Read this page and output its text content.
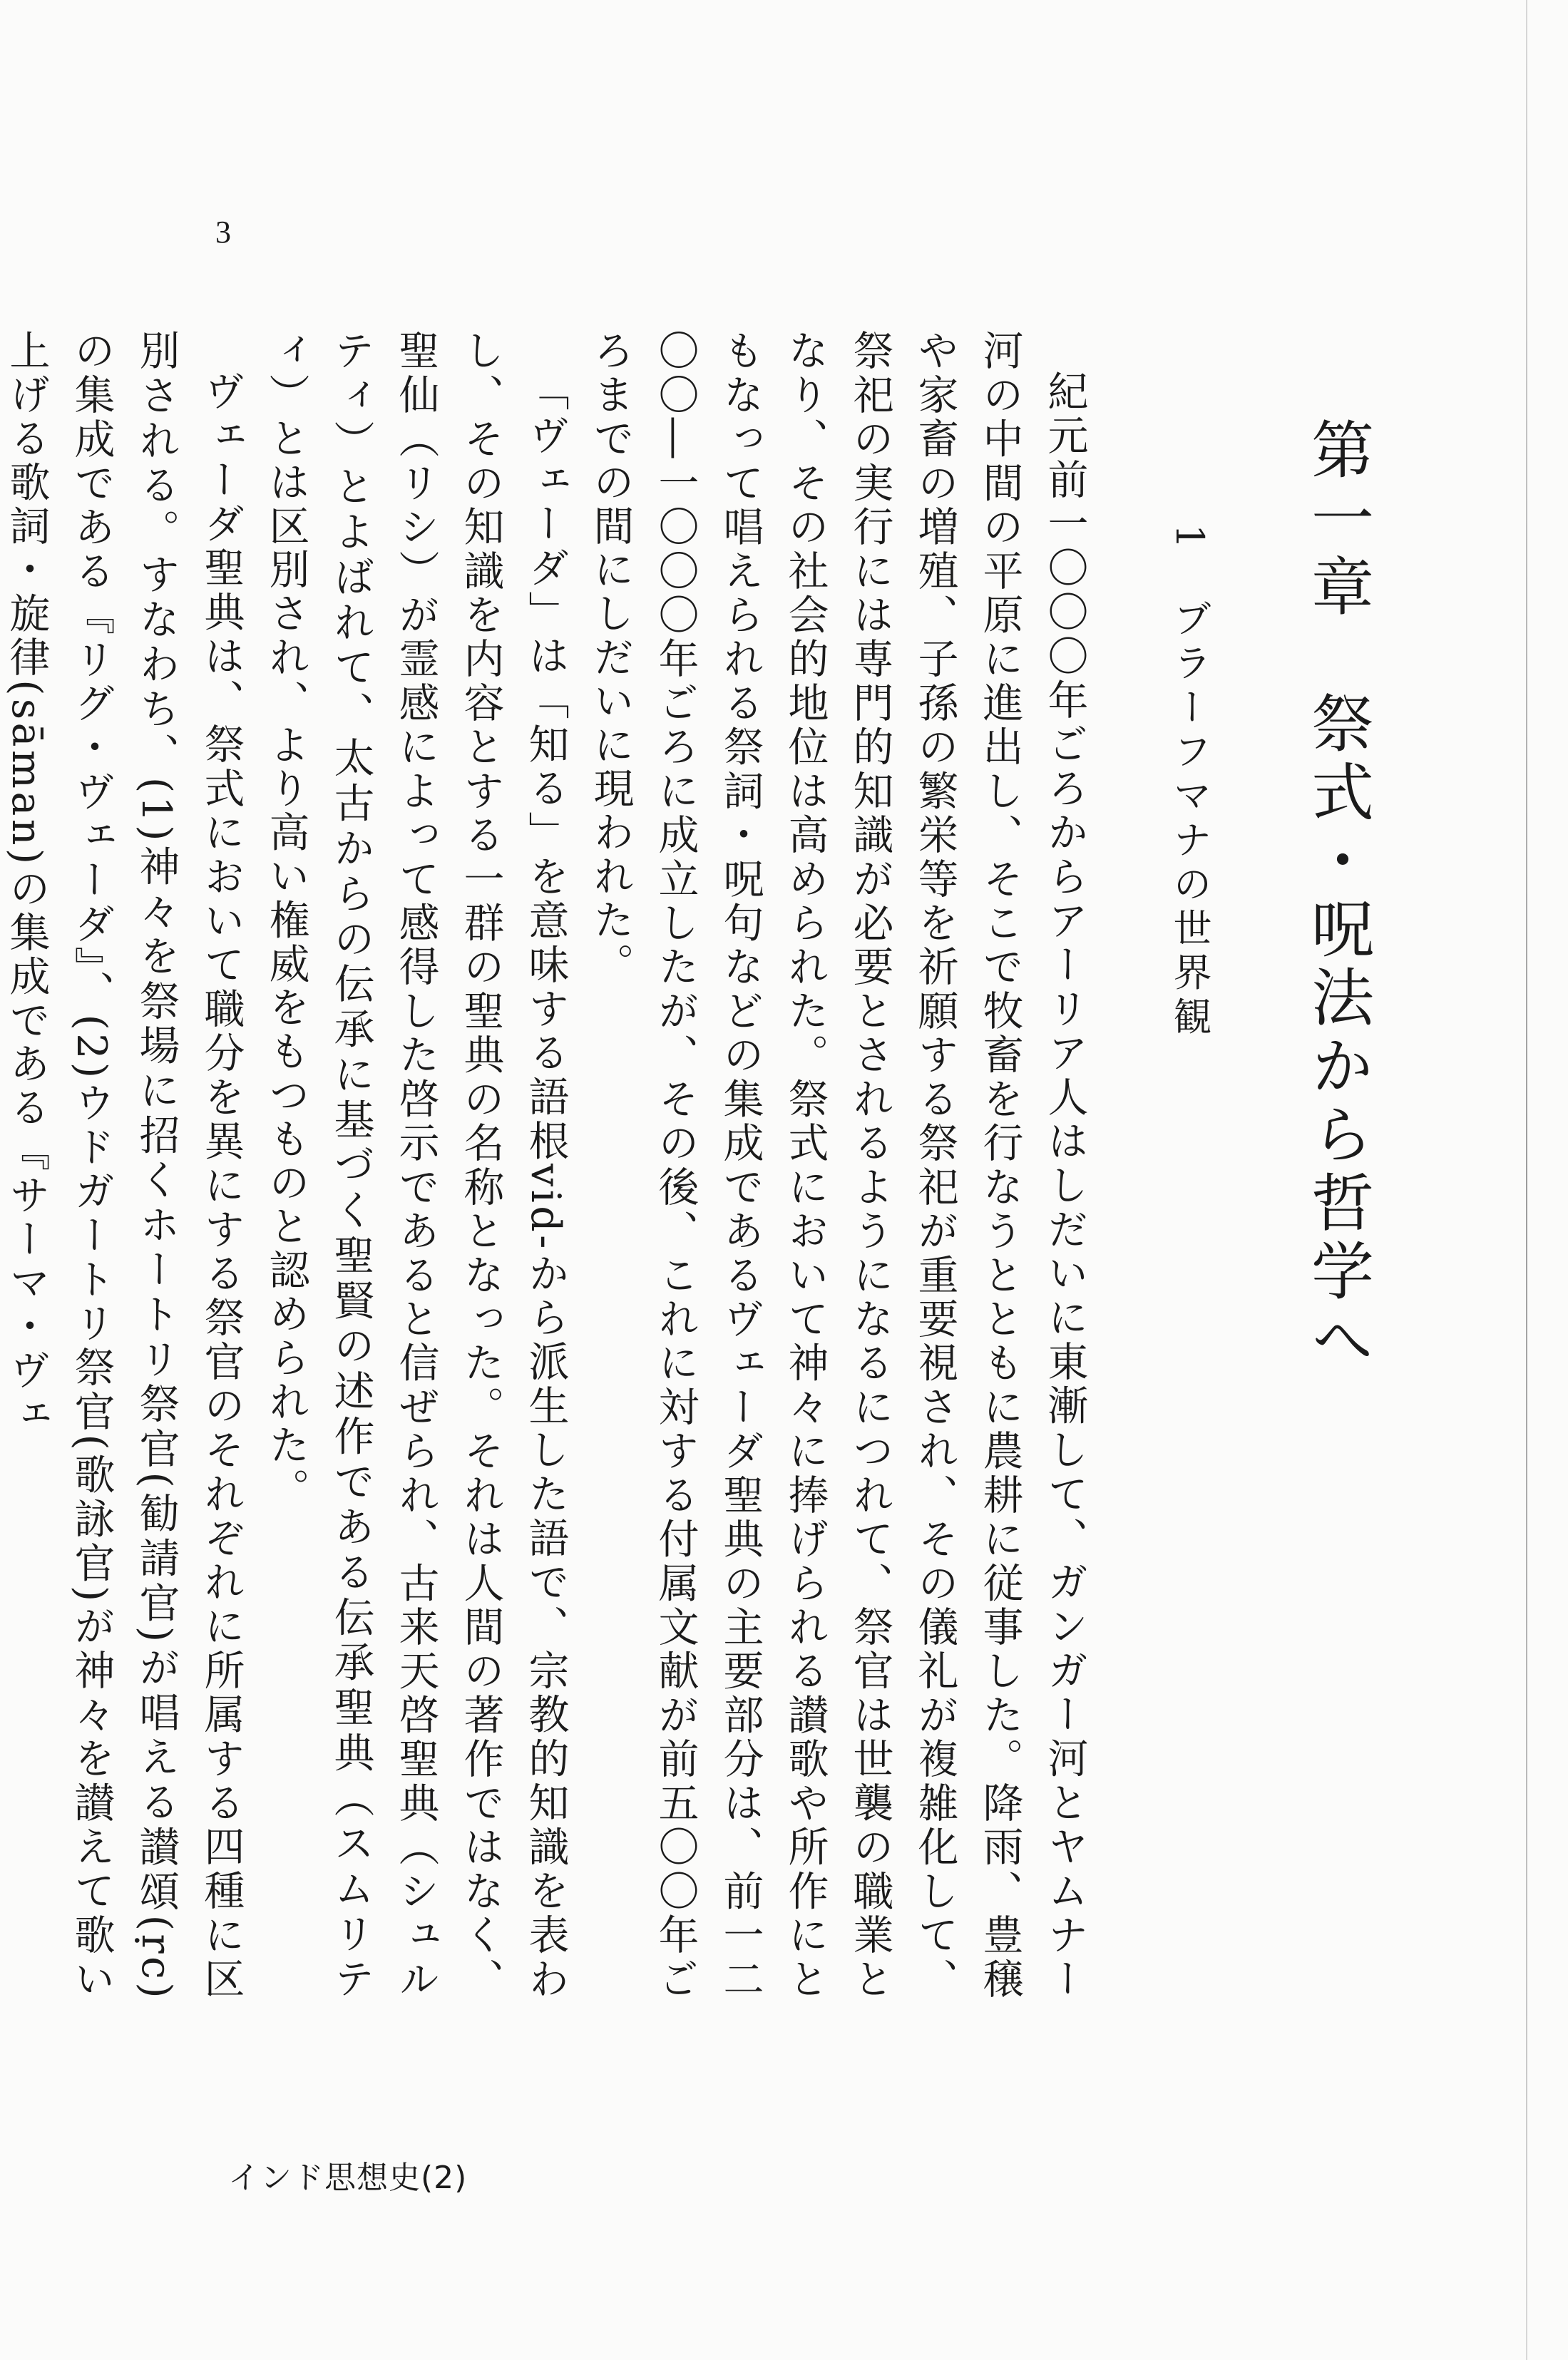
3
第一章　祭式・呪法から哲学へ
1　ブラーフマナの世界観

紀元前一〇〇〇年ごろからアーリア人はしだいに東漸して、ガンガー河とヤムナー河の中間の平原に進出し、そこで牧畜を行なうとともに農耕に従事した。降雨、豊穣や家畜の増殖、子孫の繁栄等を祈願する祭祀が重要視され、その儀礼が複雑化して、祭祀の実行には専門的知識が必要とされるようになるにつれて、祭官は世襲の職業となり、その社会的地位は高められた。祭式において神々に捧げられる讃歌や所作にともなって唱えられる祭詞・呪句などの集成であるヴェーダ聖典の主要部分は、前一二〇〇―一〇〇〇年ごろに成立したが、その後、これに対する付属文献が前五〇〇年ごろまでの間にしだいに現われた。

「ヴェーダ」は「知る」を意味する語根vid-から派生した語で、宗教的知識を表わし、その知識を内容とする一群の聖典の名称となった。それは人間の著作ではなく、聖仙（リシ）が霊感によって感得した啓示であると信ぜられ、古来天啓聖典（シュルティ）とよばれて、太古からの伝承に基づく聖賢の述作である伝承聖典（スムリティ）とは区別され、より高い権威をもつものと認められた。

ヴェーダ聖典は、祭式において職分を異にする祭官のそれぞれに所属する四種に区別される。すなわち、(1)神々を祭場に招くホートリ祭官(勧請官)が唱える讃頌(ṛc)の集成である『リグ・ヴェーダ』、(2)ウドガートリ祭官(歌詠官)が神々を讃えて歌い上げる歌詞・旋律(sāman)の集成である『サーマ・ヴェ

インド思想史(2)
